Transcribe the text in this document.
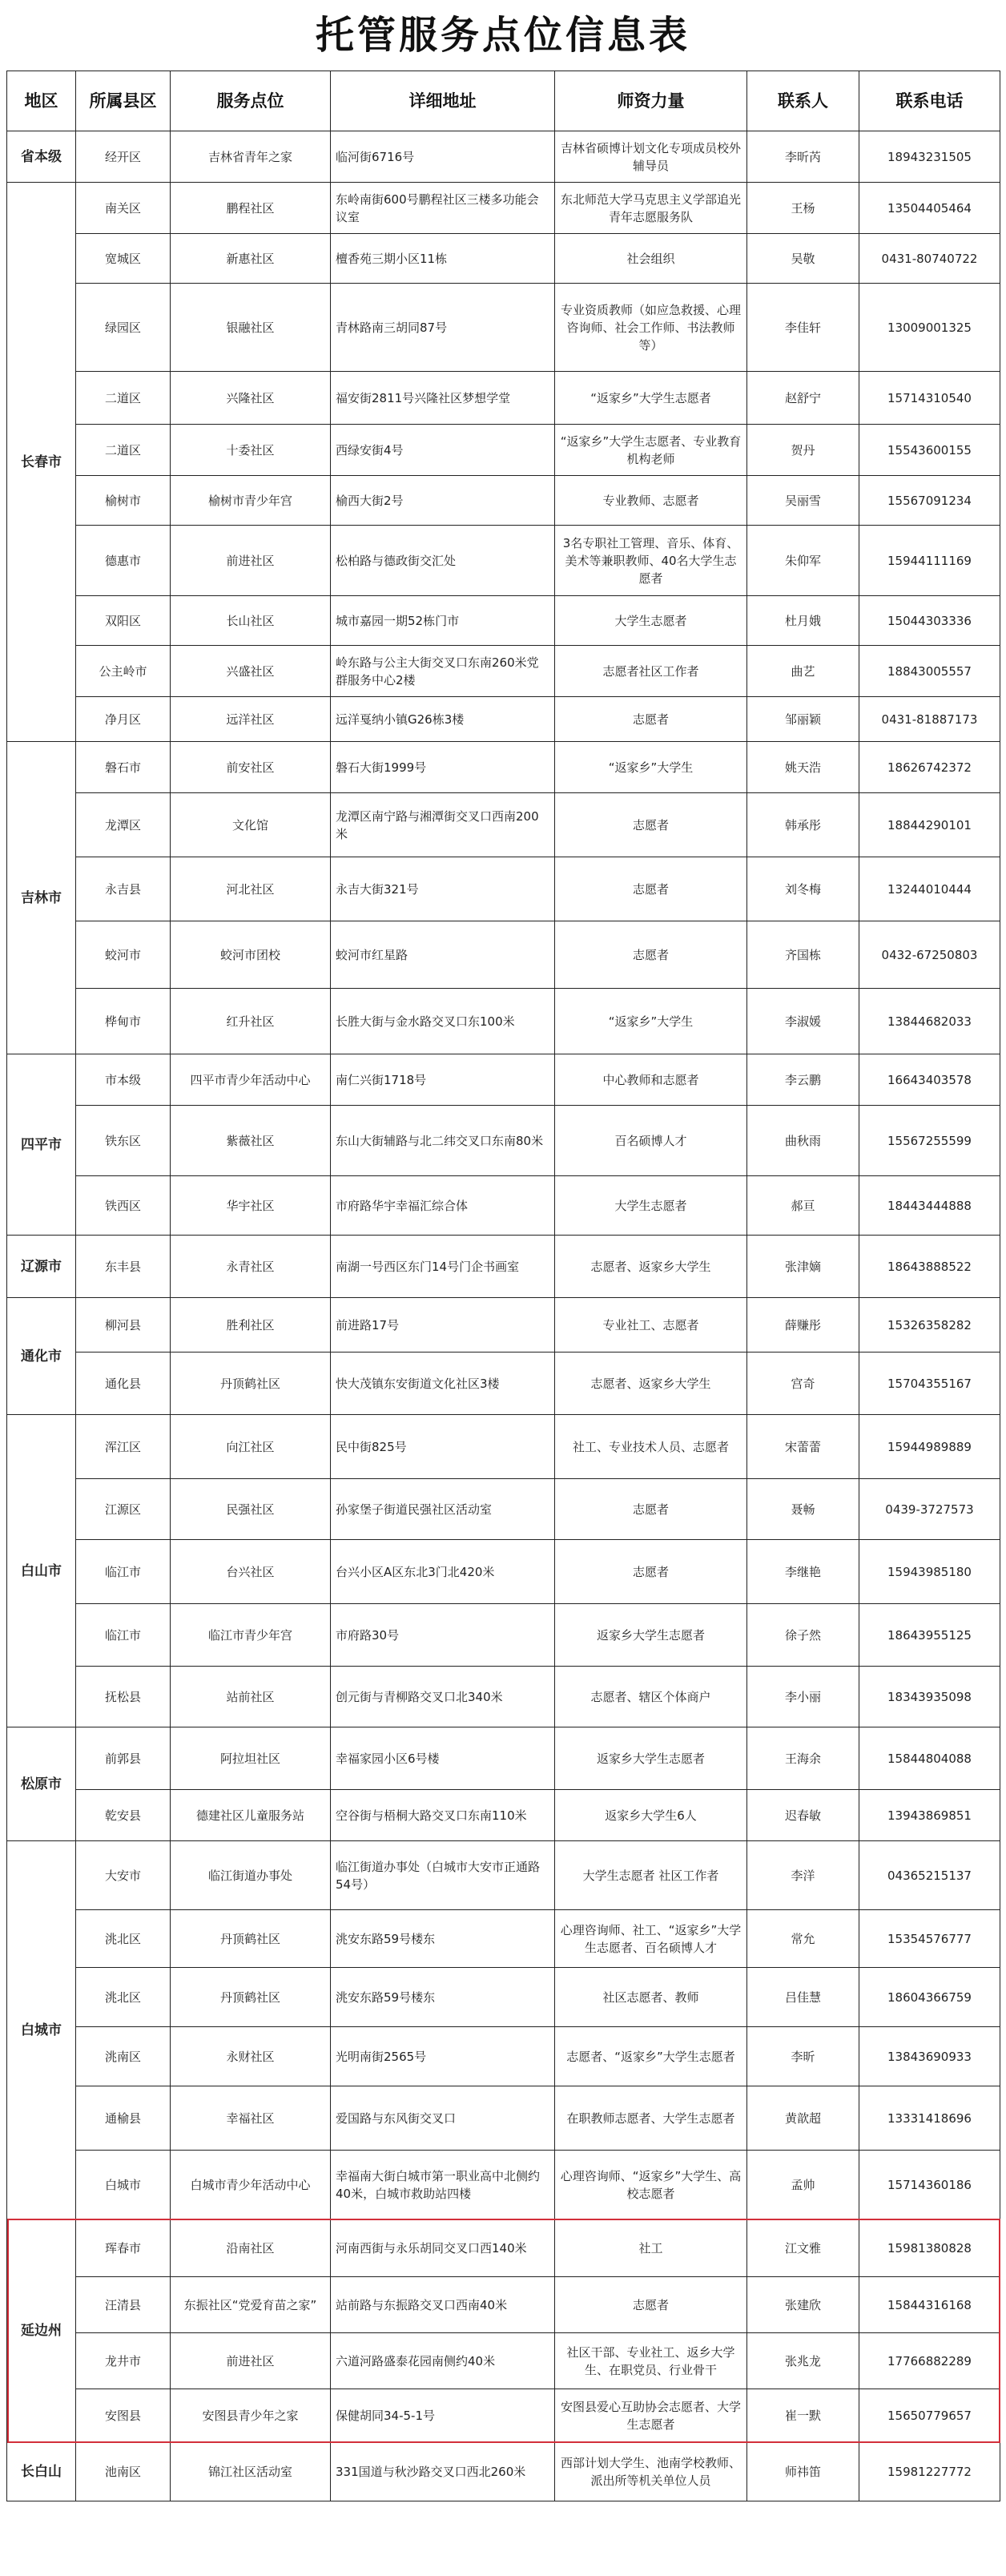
托管服务点位信息表
地区	所属县区	服务点位	详细地址	师资力量	联系人	联系电话
省本级	经开区	吉林省青年之家	临河街6716号	吉林省硕博计划文化专项成员校外辅导员	李昕芮	18943231505
长春市	南关区	鹏程社区	东岭南街600号鹏程社区三楼多功能会议室	东北师范大学马克思主义学部追光青年志愿服务队	王杨	13504405464
	宽城区	新惠社区	檀香苑三期小区11栋	社会组织	吴敬	0431-80740722
	绿园区	银融社区	青林路南三胡同87号	专业资质教师（如应急救援、心理咨询师、社会工作师、书法教师等）	李佳轩	13009001325
	二道区	兴隆社区	福安街2811号兴隆社区梦想学堂	“返家乡”大学生志愿者	赵舒宁	15714310540
	二道区	十委社区	西绿安街4号	“返家乡”大学生志愿者、专业教育机构老师	贺丹	15543600155
	榆树市	榆树市青少年宫	榆西大街2号	专业教师、志愿者	吴丽雪	15567091234
	德惠市	前进社区	松柏路与德政街交汇处	3名专职社工管理、音乐、体育、美术等兼职教师、40名大学生志愿者	朱仰军	15944111169
	双阳区	长山社区	城市嘉园一期52栋门市	大学生志愿者	杜月娥	15044303336
	公主岭市	兴盛社区	岭东路与公主大街交叉口东南260米党群服务中心2楼	志愿者社区工作者	曲艺	18843005557
	净月区	远洋社区	远洋戛纳小镇G26栋3楼	志愿者	邹丽颖	0431-81887173
吉林市	磐石市	前安社区	磐石大街1999号	“返家乡”大学生	姚天浩	18626742372
	龙潭区	文化馆	龙潭区南宁路与湘潭街交叉口西南200米	志愿者	韩承彤	18844290101
	永吉县	河北社区	永吉大街321号	志愿者	刘冬梅	13244010444
	蛟河市	蛟河市团校	蛟河市红星路	志愿者	齐国栋	0432-67250803
	桦甸市	红升社区	长胜大街与金水路交叉口东100米	“返家乡”大学生	李淑媛	13844682033
四平市	市本级	四平市青少年活动中心	南仁兴街1718号	中心教师和志愿者	李云鹏	16643403578
	铁东区	紫薇社区	东山大街辅路与北二纬交叉口东南80米	百名硕博人才	曲秋雨	15567255599
	铁西区	华宇社区	市府路华宇幸福汇综合体	大学生志愿者	郝亘	18443444888
辽源市	东丰县	永青社区	南湖一号西区东门14号门企书画室	志愿者、返家乡大学生	张津嫡	18643888522
通化市	柳河县	胜利社区	前进路17号	专业社工、志愿者	薛赚彤	15326358282
	通化县	丹顶鹤社区	快大茂镇东安街道文化社区3楼	志愿者、返家乡大学生	宫奇	15704355167
白山市	浑江区	向江社区	民中街825号	社工、专业技术人员、志愿者	宋蕾蕾	15944989889
	江源区	民强社区	孙家堡子街道民强社区活动室	志愿者	聂畅	0439-3727573
	临江市	台兴社区	台兴小区A区东北3门北420米	志愿者	李继艳	15943985180
	临江市	临江市青少年宫	市府路30号	返家乡大学生志愿者	徐子然	18643955125
	抚松县	站前社区	创元街与青柳路交叉口北340米	志愿者、辖区个体商户	李小丽	18343935098
松原市	前郭县	阿拉坦社区	幸福家园小区6号楼	返家乡大学生志愿者	王海余	15844804088
	乾安县	德建社区儿童服务站	空谷街与梧桐大路交叉口东南110米	返家乡大学生6人	迟春敏	13943869851
白城市	大安市	临江街道办事处	临江街道办事处（白城市大安市正通路54号）	大学生志愿者 社区工作者	李洋	04365215137
	洮北区	丹顶鹤社区	洮安东路59号楼东	心理咨询师、社工、“返家乡”大学生志愿者、百名硕博人才	常允	15354576777
	洮北区	丹顶鹤社区	洮安东路59号楼东	社区志愿者、教师	吕佳慧	18604366759
	洮南区	永财社区	光明南街2565号	志愿者、“返家乡”大学生志愿者	李昕	13843690933
	通榆县	幸福社区	爱国路与东风街交叉口	在职教师志愿者、大学生志愿者	黄歆超	13331418696
	白城市	白城市青少年活动中心	幸福南大街白城市第一职业高中北侧约40米，白城市救助站四楼	心理咨询师、“返家乡”大学生、高校志愿者	孟帅	15714360186
延边州	珲春市	沿南社区	河南西街与永乐胡同交叉口西140米	社工	江文雅	15981380828
	汪清县	东振社区“党爱育苗之家”	站前路与东振路交叉口西南40米	志愿者	张建欣	15844316168
	龙井市	前进社区	六道河路盛泰花园南侧约40米	社区干部、专业社工、返乡大学生、在职党员、行业骨干	张兆龙	17766882289
	安图县	安图县青少年之家	保健胡同34-5-1号	安图县爱心互助协会志愿者、大学生志愿者	崔一默	15650779657
长白山	池南区	锦江社区活动室	331国道与秋沙路交叉口西北260米	西部计划大学生、池南学校教师、派出所等机关单位人员	师祎笛	15981227772
